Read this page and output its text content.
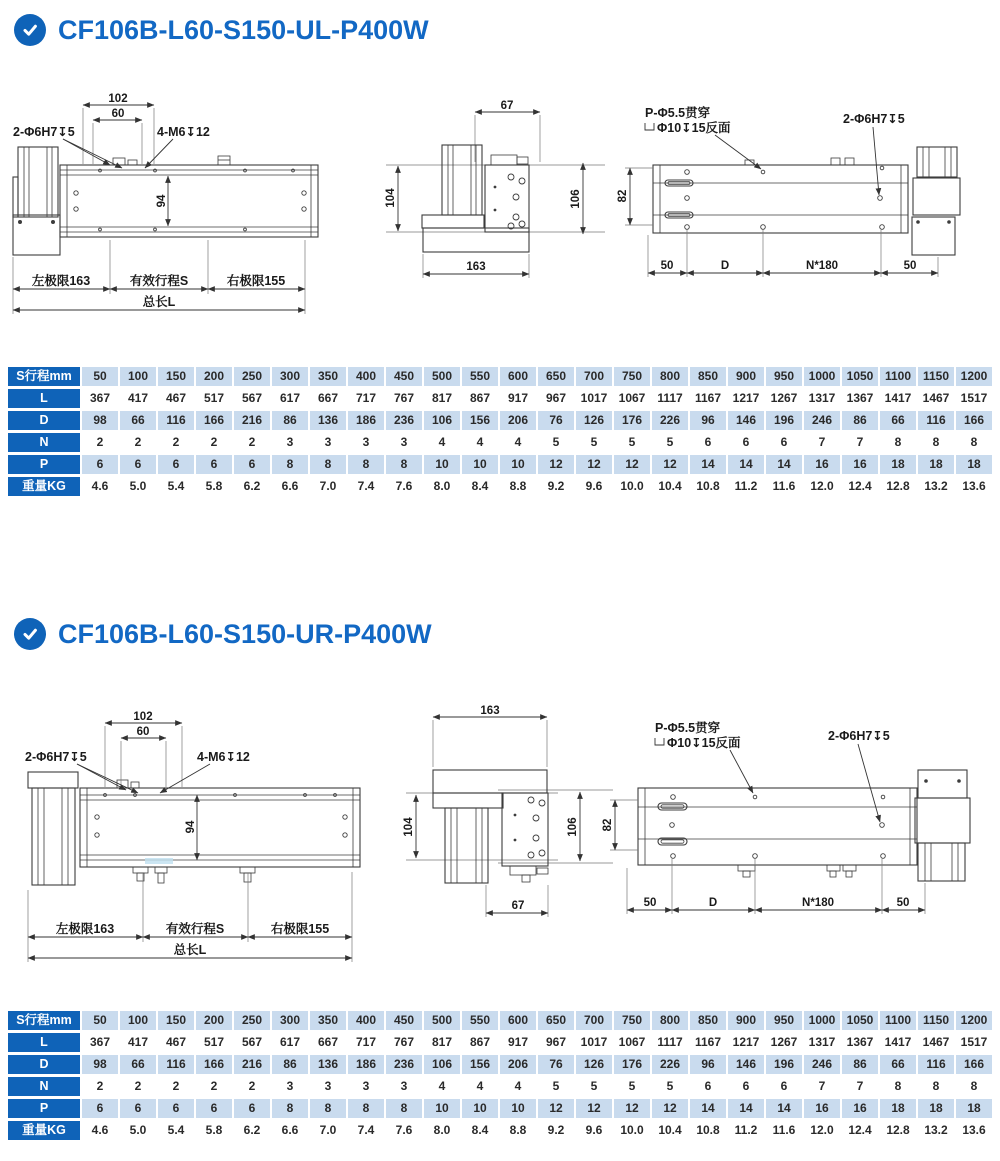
CF106B-L60-S150-UL-P400W
102
60
2-Φ6H7↧5	4-M6↧12
94
左极限163	有效行程S	右极限155
总长L
67
104	106
163
P-Φ5.5贯穿
Φ10↧15反面
2-Φ6H7↧5
82
50	D	N*180	50
S行程mm	50	100	150	200	250	300	350	400	450	500	550	600	650	700	750	800	850	900	950	1000 1050 1100 1150 1200
L	367	417	467	517	567	617	667	717	767	817	867	917	967	1017 1067 1117	1167 1217 1267 1317 1367 1417 1467 1517
D	98	66	116	166	216	86	136	186	236	106	156	206	76	126	176	226	96	146	196	246	86	66	116	166
N	2	2	2	2	2	3	3	3	3	4	4	4	5	5	5	5	6	6	6	7	7	8	8	8
P	6	6	6	6	6	8	8	8	8	10	10	10	12	12	12	12	14	14	14	16	16	18	18	18
重量KG	4.6	5.0	5.4	5.8	6.2	6.6	7.0	7.4	7.6	8.0	8.4	8.8	9.2	9.6	10.0	10.4	10.8	11.2	11.6	12.0	12.4	12.8	13.2	13.6
CF106B-L60-S150-UR-P400W
102
60
2-Φ6H7↧5	4-M6↧12
94
左极限163	有效行程S	右极限155
总长L
163
104	106
67
P-Φ5.5贯穿
Φ10↧15反面	2-Φ6H7↧5
82
50	D	N*180	50
S行程mm	50	100	150	200	250	300	350	400	450	500	550	600	650	700	750	800	850	900	950	1000 1050 1100 1150 1200
L	367	417	467	517	567	617	667	717	767	817	867	917	967	1017 1067 1117	1167 1217 1267 1317 1367 1417 1467 1517
D	98	66	116	166	216	86	136	186	236	106	156	206	76	126	176	226	96	146	196	246	86	66	116	166
N	2	2	2	2	2	3	3	3	3	4	4	4	5	5	5	5	6	6	6	7	7	8	8	8
P	6	6	6	6	6	8	8	8	8	10	10	10	12	12	12	12	14	14	14	16	16	18	18	18
重量KG	4.6	5.0	5.4	5.8	6.2	6.6	7.0	7.4	7.6	8.0	8.4	8.8	9.2	9.6	10.0	10.4	10.8	11.2	11.6	12.0	12.4	12.8	13.2	13.6
